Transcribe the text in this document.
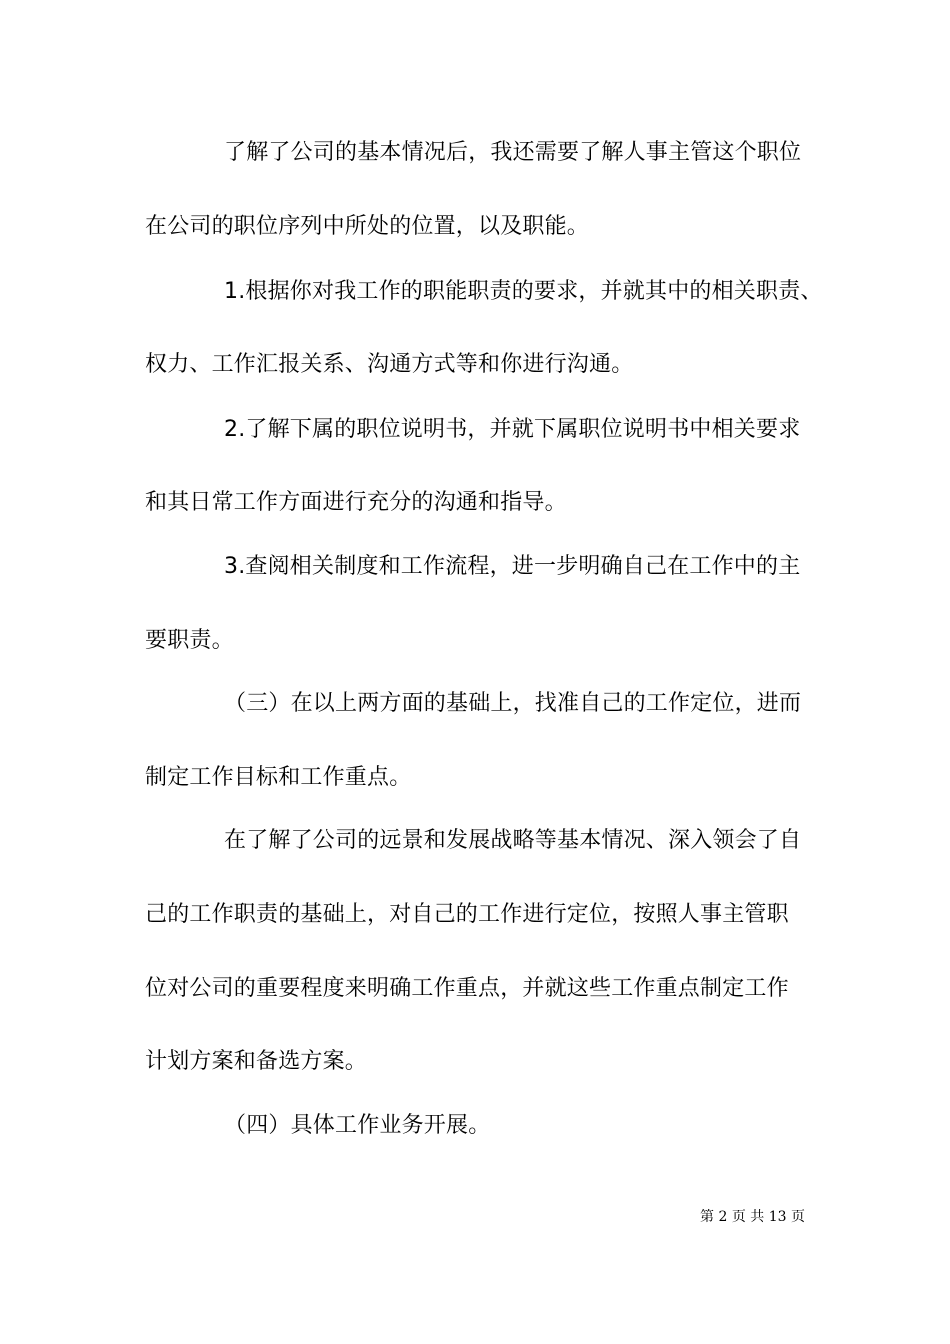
了解了公司的基本情况后，我还需要了解人事主管这个职位
在公司的职位序列中所处的位置，以及职能。
1.根据你对我工作的职能职责的要求，并就其中的相关职责、
权力、工作汇报关系、沟通方式等和你进行沟通。
2.了解下属的职位说明书，并就下属职位说明书中相关要求
和其日常工作方面进行充分的沟通和指导。
3.查阅相关制度和工作流程，进一步明确自己在工作中的主
要职责。
（三）在以上两方面的基础上，找准自己的工作定位，进而
制定工作目标和工作重点。
在了解了公司的远景和发展战略等基本情况、深入领会了自
己的工作职责的基础上，对自己的工作进行定位，按照人事主管职
位对公司的重要程度来明确工作重点，并就这些工作重点制定工作
计划方案和备选方案。
（四）具体工作业务开展。
第 2 页 共 13 页
